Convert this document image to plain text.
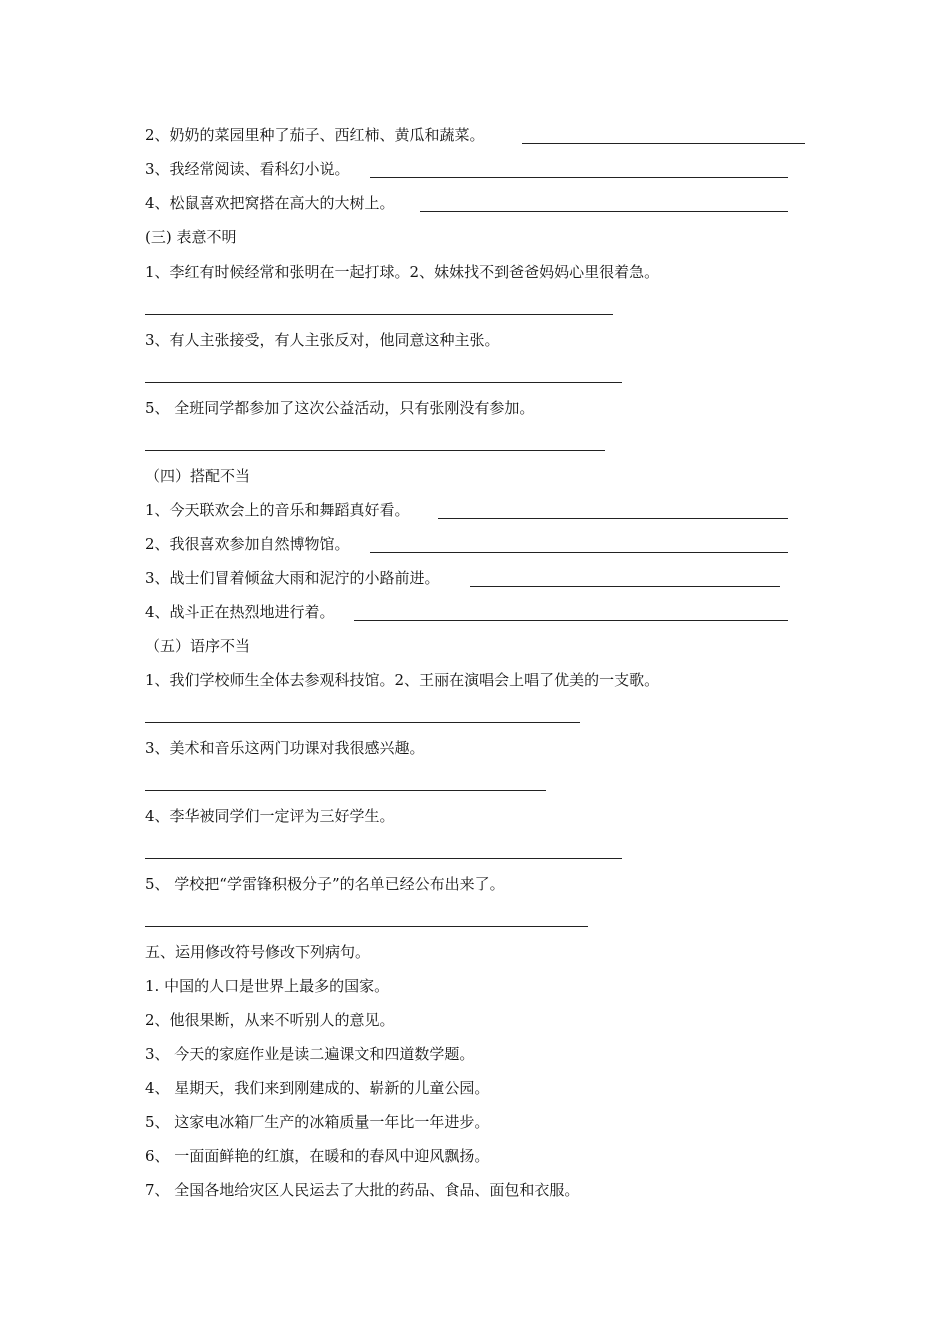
2、奶奶的菜园里种了茄子、西红柿、黄瓜和蔬菜。
3、我经常阅读、看科幻小说。
4、松鼠喜欢把窝搭在高大的大树上。
(三) 表意不明
1、李红有时候经常和张明在一起打球。2、妹妹找不到爸爸妈妈心里很着急。
3、有人主张接受，有人主张反对，他同意这种主张。
5、 全班同学都参加了这次公益活动，只有张刚没有参加。
（四）搭配不当
1、今天联欢会上的音乐和舞蹈真好看。
2、我很喜欢参加自然博物馆。
3、战士们冒着倾盆大雨和泥泞的小路前进。
4、战斗正在热烈地进行着。
（五）语序不当
1、我们学校师生全体去参观科技馆。2、王丽在演唱会上唱了优美的一支歌。
3、美术和音乐这两门功课对我很感兴趣。
4、李华被同学们一定评为三好学生。
5、 学校把“学雷锋积极分子”的名单已经公布出来了。
五、运用修改符号修改下列病句。
1. 中国的人口是世界上最多的国家。
2、他很果断，从来不听别人的意见。
3、 今天的家庭作业是读二遍课文和四道数学题。
4、 星期天，我们来到刚建成的、崭新的儿童公园。
5、 这家电冰箱厂生产的冰箱质量一年比一年进步。
6、 一面面鲜艳的红旗，在暖和的春风中迎风飘扬。
7、 全国各地给灾区人民运去了大批的药品、食品、面包和衣服。
